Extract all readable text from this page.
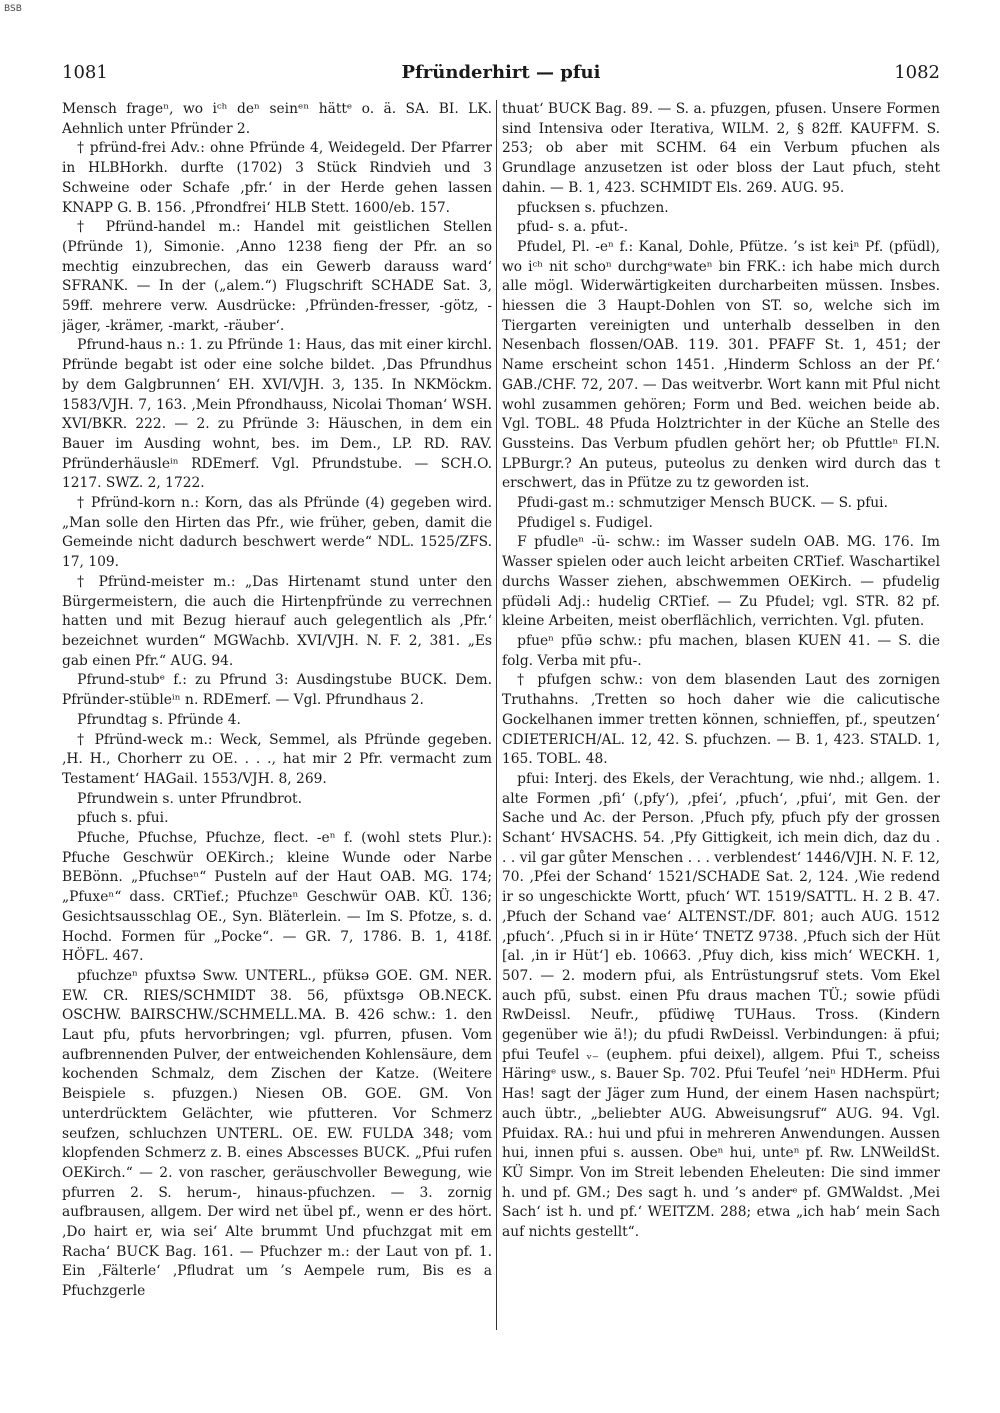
BSB
1081	Pfründerhirt — pfui	1082

Mensch frageⁿ, wo iᶜʰ deⁿ seinᵉⁿ hättᵉ o. ä. SA. BI. LK. Aehnlich unter Pfründer 2.

† pfründ-frei Adv.: ohne Pfründe 4, Weidegeld. Der Pfarrer in HLBHorkh. durfte (1702) 3 Stück Rindvieh und 3 Schweine oder Schafe ‚pfr.‘ in der Herde gehen lassen KNAPP G. B. 156. ‚Pfrondfrei‘ HLB Stett. 1600/eb. 157.

† Pfründ-handel m.: Handel mit geistlichen Stellen (Pfründe 1), Simonie. ‚Anno 1238 fieng der Pfr. an so mechtig einzubrechen, das ein Gewerb darauss ward‘ SFRANK. — In der („alem.“) Flugschrift SCHADE Sat. 3, 59ff. mehrere verw. Ausdrücke: ‚Pfründen-fresser, -götz, -jäger, -krämer, -markt, -räuber‘.

Pfrund-haus n.: 1. zu Pfründe 1: Haus, das mit einer kirchl. Pfründe begabt ist oder eine solche bildet. ‚Das Pfrundhus by dem Galgbrunnen‘ EH. XVI/VJH. 3, 135. In NKMöckm. 1583/VJH. 7, 163. ‚Mein Pfrondhauss, Nicolai Thoman‘ WSH. XVI/BKR. 222. — 2. zu Pfründe 3: Häuschen, in dem ein Bauer im Ausding wohnt, bes. im Dem., LP. RD. RAV. Pfründerhäusleⁱⁿ RDEmerf. Vgl. Pfrundstube. — SCH.O. 1217. SWZ. 2, 1722.

† Pfründ-korn n.: Korn, das als Pfründe (4) gegeben wird. „Man solle den Hirten das Pfr., wie früher, geben, damit die Gemeinde nicht dadurch beschwert werde“ NDL. 1525/ZFS. 17, 109.

† Pfründ-meister m.: „Das Hirtenamt stund unter den Bürgermeistern, die auch die Hirtenpfründe zu verrechnen hatten und mit Bezug hierauf auch gelegentlich als ‚Pfr.‘ bezeichnet wurden“ MGWachb. XVI/VJH. N. F. 2, 381. „Es gab einen Pfr.“ AUG. 94.

Pfrund-stubᵉ f.: zu Pfrund 3: Ausdingstube BUCK. Dem. Pfründer-stübleⁱⁿ n. RDEmerf. — Vgl. Pfrundhaus 2.

Pfrundtag s. Pfründe 4.

† Pfründ-weck m.: Weck, Semmel, als Pfründe gegeben. ‚H. H., Chorherr zu OE. . . ., hat mir 2 Pfr. vermacht zum Testament‘ HAGail. 1553/VJH. 8, 269.

Pfrundwein s. unter Pfrundbrot.

pfuch s. pfui.

Pfuche, Pfuchse, Pfuchze, flect. -eⁿ f. (wohl stets Plur.): Pfuche Geschwür OEKirch.; kleine Wunde oder Narbe BEBönn. „Pfuchseⁿ“ Pusteln auf der Haut OAB. MG. 174; „Pfuxeⁿ“ dass. CRTief.; Pfuchzeⁿ Geschwür OAB. KÜ. 136; Gesichtsausschlag OE., Syn. Bläterlein. — Im S. Pfotze, s. d. Hochd. Formen für „Pocke“. — GR. 7, 1786. B. 1, 418f. HÖFL. 467.

pfuchzeⁿ pfuxtsə Sww. UNTERL., pfüksə GOE. GM. NER. EW. CR. RIES/SCHMIDT 38. 56, pfüxtsgə OB.NECK. OSCHW. BAIRSCHW./SCHMELL.MA. B. 426 schw.: 1. den Laut pfu, pfuts hervorbringen; vgl. pfurren, pfusen. Vom aufbrennenden Pulver, der entweichenden Kohlensäure, dem kochenden Schmalz, dem Zischen der Katze. (Weitere Beispiele s. pfuzgen.) Niesen OB. GOE. GM. Von unterdrücktem Gelächter, wie pfutteren. Vor Schmerz seufzen, schluchzen UNTERL. OE. EW. FULDA 348; vom klopfenden Schmerz z. B. eines Abscesses BUCK. „Pfui rufen OEKirch.“ — 2. von rascher, geräuschvoller Bewegung, wie pfurren 2. S. herum-, hinaus-pfuchzen. — 3. zornig aufbrausen, allgem. Der wird net übel pf., wenn er des hört. ‚Do hairt er, wia sei‘ Alte brummt Und pfuchzgat mit em Racha‘ BUCK Bag. 161. — Pfuchzer m.: der Laut von pf. 1. Ein ‚Fälterle‘ ‚Pfludrat um ’s Aempele rum, Bis es a Pfuchzgerle

thuat‘ BUCK Bag. 89. — S. a. pfuzgen, pfusen. Unsere Formen sind Intensiva oder Iterativa, WILM. 2, § 82ff. KAUFFM. S. 253; ob aber mit SCHM. 64 ein Verbum pfuchen als Grundlage anzusetzen ist oder bloss der Laut pfuch, steht dahin. — B. 1, 423. SCHMIDT Els. 269. AUG. 95.

pfucksen s. pfuchzen.

pfud- s. a. pfut-.

Pfudel, Pl. -eⁿ f.: Kanal, Dohle, Pfütze. ’s ist keiⁿ Pf. (pfüdl), wo iᶜʰ nit schoⁿ durchgᵉwateⁿ bin FRK.: ich habe mich durch alle mögl. Widerwärtigkeiten durcharbeiten müssen. Insbes. hiessen die 3 Haupt-Dohlen von ST. so, welche sich im Tiergarten vereinigten und unterhalb desselben in den Nesenbach flossen/OAB. 119. 301. PFAFF St. 1, 451; der Name erscheint schon 1451. ‚Hinderm Schloss an der Pf.‘ GAB./CHF. 72, 207. — Das weitverbr. Wort kann mit Pful nicht wohl zusammen gehören; Form und Bed. weichen beide ab. Vgl. TOBL. 48 Pfuda Holztrichter in der Küche an Stelle des Gussteins. Das Verbum pfudlen gehört her; ob Pfuttleⁿ FI.N. LPBurgr.? An puteus, puteolus zu denken wird durch das t erschwert, das in Pfütze zu tz geworden ist.

Pfudi-gast m.: schmutziger Mensch BUCK. — S. pfui.

Pfudigel s. Fudigel.

F pfudleⁿ -ü- schw.: im Wasser sudeln OAB. MG. 176. Im Wasser spielen oder auch leicht arbeiten CRTief. Waschartikel durchs Wasser ziehen, abschwemmen OEKirch. — pfudelig pfüdəli Adj.: hudelig CRTief. — Zu Pfudel; vgl. STR. 82 pf. kleine Arbeiten, meist oberflächlich, verrichten. Vgl. pfuten.

pfueⁿ pfūə schw.: pfu machen, blasen KUEN 41. — S. die folg. Verba mit pfu-.

† pfufgen schw.: von dem blasenden Laut des zornigen Truthahns. ‚Tretten so hoch daher wie die calicutische Gockelhanen immer tretten können, schnieffen, pf., speutzen‘ CDIETERICH/AL. 12, 42. S. pfuchzen. — B. 1, 423. STALD. 1, 165. TOBL. 48.

pfui: Interj. des Ekels, der Verachtung, wie nhd.; allgem. 1. alte Formen ‚pfi‘ (‚pfy‘), ‚pfei‘, ‚pfuch‘, ‚pfui‘, mit Gen. der Sache und Ac. der Person. ‚Pfuch pfy, pfuch pfy der grossen Schant‘ HVSACHS. 54. ‚Pfy Gittigkeit, ich mein dich, daz du . . . vil gar gůter Menschen . . . verblendest‘ 1446/VJH. N. F. 12, 70. ‚Pfei der Schand‘ 1521/SCHADE Sat. 2, 124. ‚Wie redend ir so ungeschickte Wortt, pfuch‘ WT. 1519/SATTL. H. 2 B. 47. ‚Pfuch der Schand vae‘ ALTENST./DF. 801; auch AUG. 1512 ‚pfuch‘. ‚Pfuch si in ir Hüte‘ TNETZ 9738. ‚Pfuch sich der Hüt [al. ‚in ir Hüt‘] eb. 10663. ‚Pfuy dich, kiss mich‘ WECKH. 1, 507. — 2. modern pfui, als Entrüstungsruf stets. Vom Ekel auch pfū, subst. einen Pfu draus machen TÜ.; sowie pfüdi RwDeissl. Neufr., pfüdiwę TUHaus. Tross. (Kindern gegenüber wie ä!); du pfudi RwDeissl. Verbindungen: ä pfui; pfui Teufel ᵥ₋ (euphem. pfui deixel), allgem. Pfui T., scheiss Häringᵉ usw., s. Bauer Sp. 702. Pfui Teufel ’neiⁿ HDHerm. Pfui Has! sagt der Jäger zum Hund, der einem Hasen nachspürt; auch übtr., „beliebter AUG. Abweisungsruf“ AUG. 94. Vgl. Pfuidax. RA.: hui und pfui in mehreren Anwendungen. Aussen hui, innen pfui s. aussen. Obeⁿ hui, unteⁿ pf. Rw. LNWeildSt. KÜ Simpr. Von im Streit lebenden Eheleuten: Die sind immer h. und pf. GM.; Des sagt h. und ’s anderᵉ pf. GMWaldst. ‚Mei Sach‘ ist h. und pf.‘ WEITZM. 288; etwa „ich hab‘ mein Sach auf nichts gestellt“.
